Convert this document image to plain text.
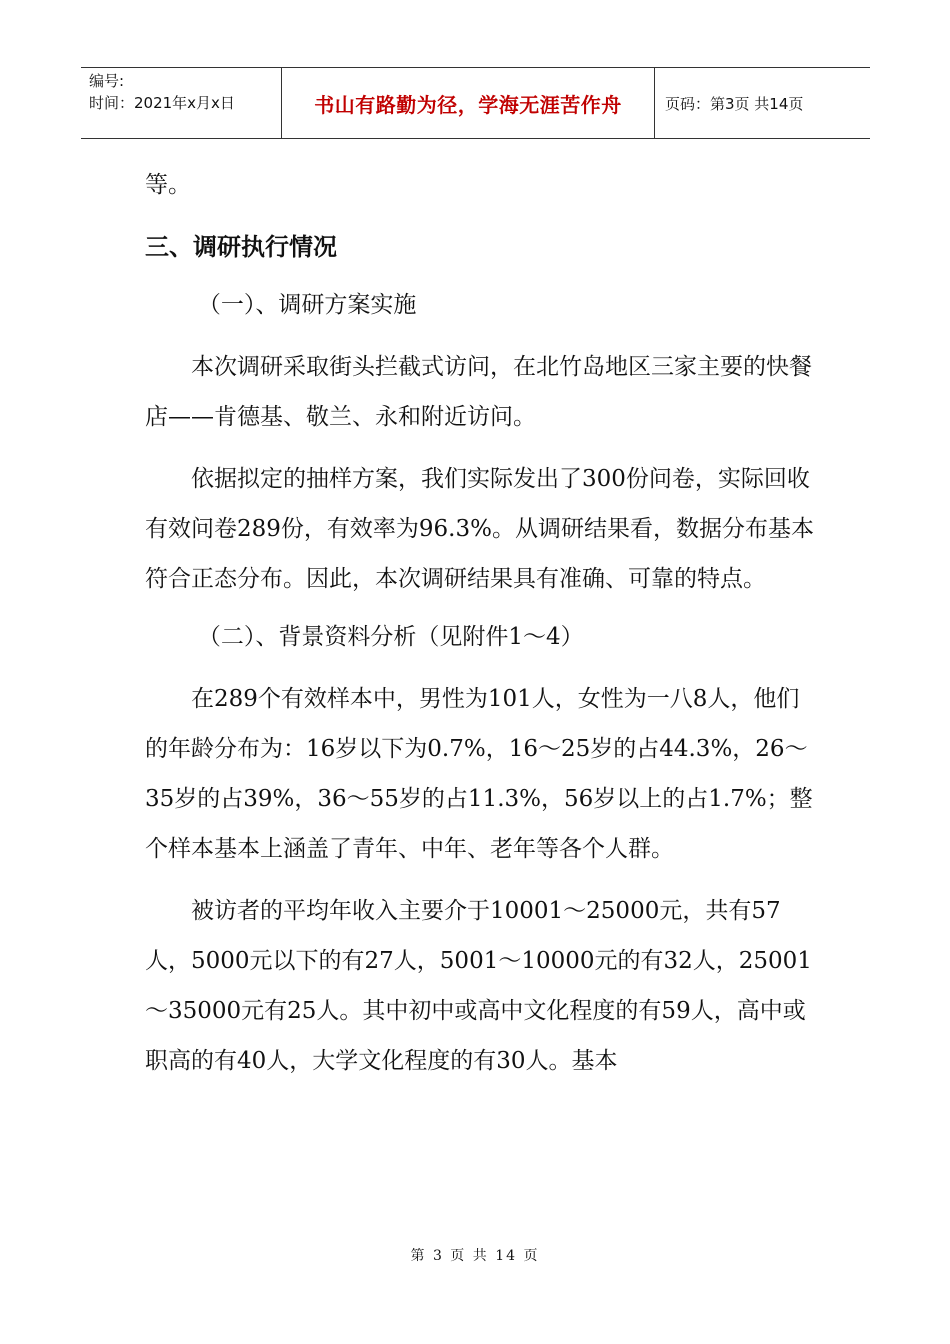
编号:
时间：2021年x月x日	书山有路勤为径，学海无涯苦作舟	页码：第3页 共14页

等。

三、调研执行情况

（一）、调研方案实施

本次调研采取街头拦截式访问，在北竹岛地区三家主要的快餐店——肯德基、敬兰、永和附近访问。

依据拟定的抽样方案，我们实际发出了300份问卷，实际回收有效问卷289份，有效率为96.3%。从调研结果看，数据分布基本符合正态分布。因此，本次调研结果具有准确、可靠的特点。

（二）、背景资料分析（见附件1～4）

在289个有效样本中，男性为101人，女性为一八8人，他们的年龄分布为：16岁以下为0.7%，16～25岁的占44.3%，26～35岁的占39%，36～55岁的占11.3%，56岁以上的占1.7%；整个样本基本上涵盖了青年、中年、老年等各个人群。

被访者的平均年收入主要介于10001～25000元，共有57人，5000元以下的有27人，5001～10000元的有32人，25001～35000元有25人。其中初中或高中文化程度的有59人，高中或职高的有40人，大学文化程度的有30人。基本

第 3 页 共 14 页
